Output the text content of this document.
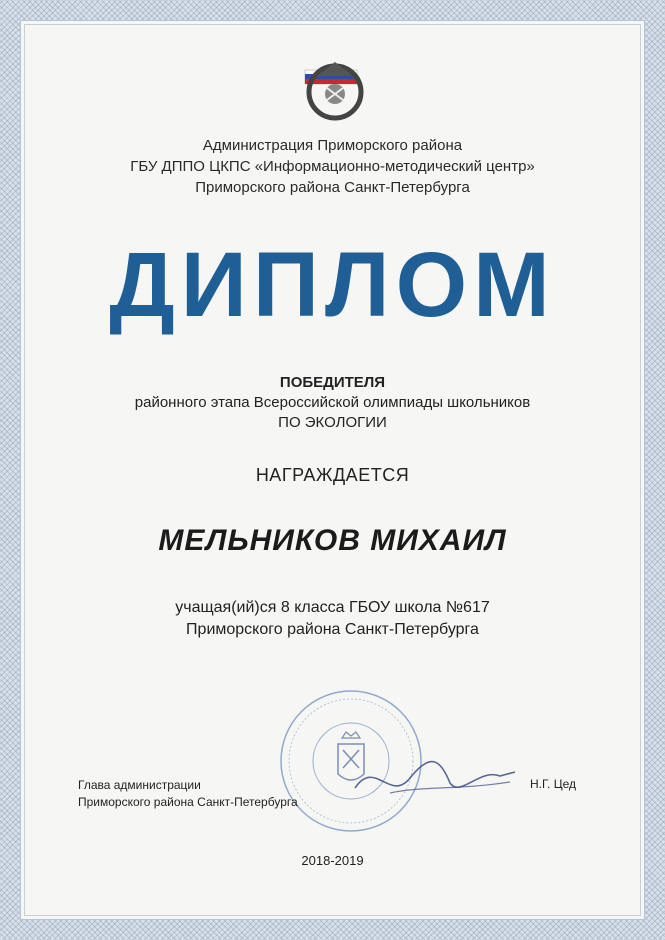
Администрация Приморского района
ГБУ ДППО ЦКПС «Информационно-методический центр»
Приморского района Санкт-Петербурга
ДИПЛОМ
ПОБЕДИТЕЛЯ
районного этапа Всероссийской олимпиады школьников
ПО ЭКОЛОГИИ
НАГРАЖДАЕТСЯ
МЕЛЬНИКОВ МИХАИЛ
учащая(ий)ся 8 класса ГБОУ школа №617
Приморского района Санкт-Петербурга
Глава администрации
Приморского района Санкт-Петербурга
Н.Г. Цед
2018-2019
